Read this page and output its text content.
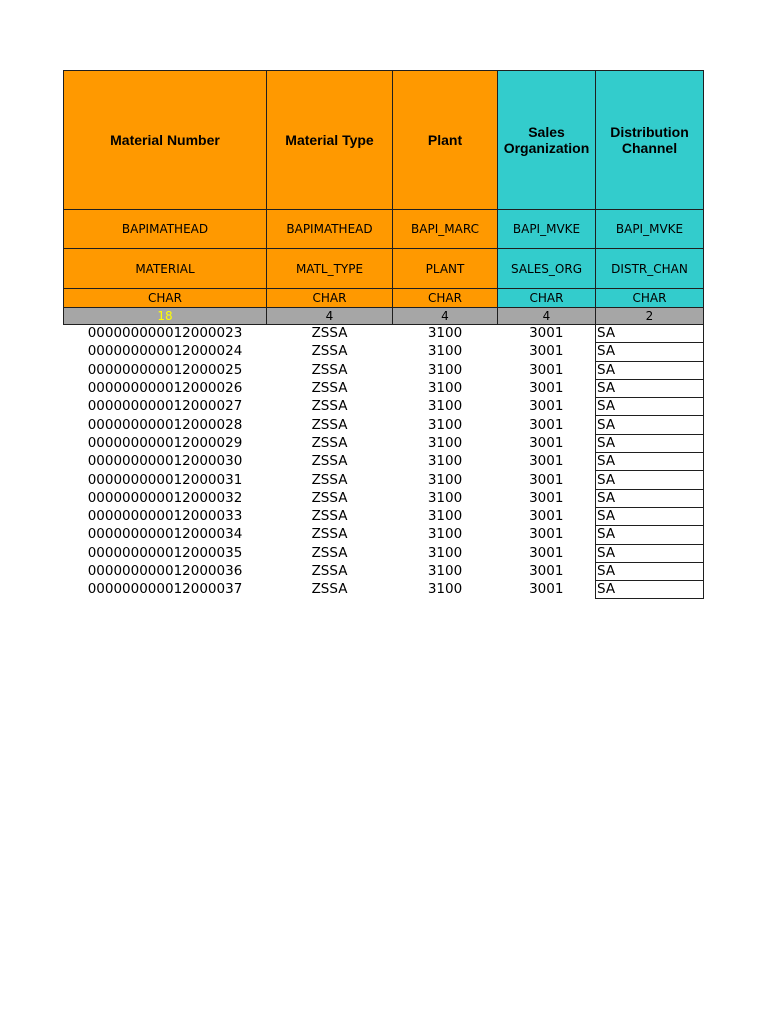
Material Number	Material Type	Plant	Sales Organization	Distribution Channel
BAPIMATHEAD	BAPIMATHEAD	BAPI_MARC	BAPI_MVKE	BAPI_MVKE
MATERIAL	MATL_TYPE	PLANT	SALES_ORG	DISTR_CHAN
CHAR	CHAR	CHAR	CHAR	CHAR
18	4	4	4	2
000000000012000023	ZSSA	3100	3001	SA
000000000012000024	ZSSA	3100	3001	SA
000000000012000025	ZSSA	3100	3001	SA
000000000012000026	ZSSA	3100	3001	SA
000000000012000027	ZSSA	3100	3001	SA
000000000012000028	ZSSA	3100	3001	SA
000000000012000029	ZSSA	3100	3001	SA
000000000012000030	ZSSA	3100	3001	SA
000000000012000031	ZSSA	3100	3001	SA
000000000012000032	ZSSA	3100	3001	SA
000000000012000033	ZSSA	3100	3001	SA
000000000012000034	ZSSA	3100	3001	SA
000000000012000035	ZSSA	3100	3001	SA
000000000012000036	ZSSA	3100	3001	SA
000000000012000037	ZSSA	3100	3001	SA
